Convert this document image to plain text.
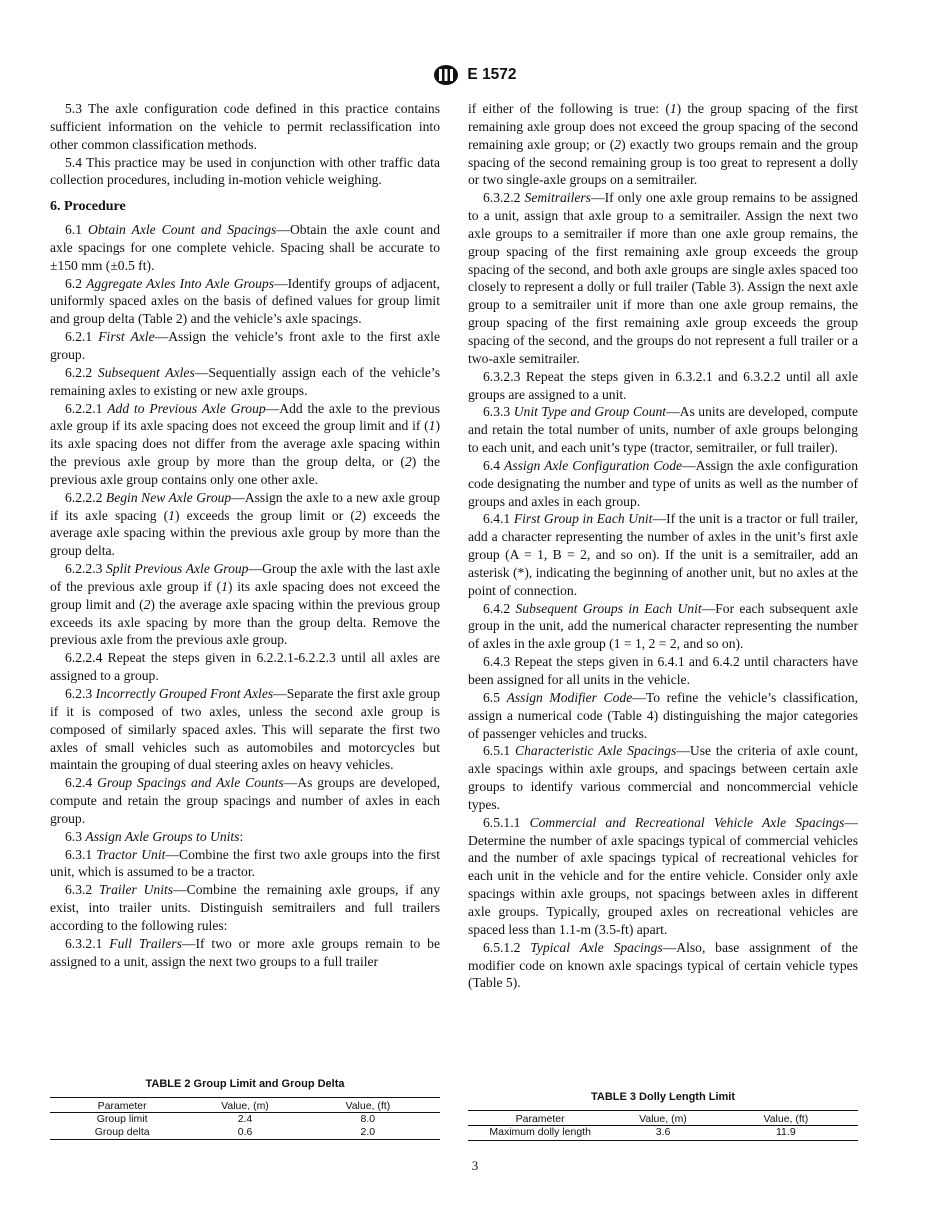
E 1572

5.3 The axle configuration code defined in this practice contains sufficient information on the vehicle to permit reclassification into other common classification methods.

5.4 This practice may be used in conjunction with other traffic data collection procedures, including in-motion vehicle weighing.

6. Procedure

6.1 Obtain Axle Count and Spacings—Obtain the axle count and axle spacings for one complete vehicle. Spacing shall be accurate to ±150 mm (±0.5 ft).

6.2 Aggregate Axles Into Axle Groups—Identify groups of adjacent, uniformly spaced axles on the basis of defined values for group limit and group delta (Table 2) and the vehicle’s axle spacings.

6.2.1 First Axle—Assign the vehicle’s front axle to the first axle group.

6.2.2 Subsequent Axles—Sequentially assign each of the vehicle’s remaining axles to existing or new axle groups.

6.2.2.1 Add to Previous Axle Group—Add the axle to the previous axle group if its axle spacing does not exceed the group limit and if (1) its axle spacing does not differ from the average axle spacing within the previous axle group by more than the group delta, or (2) the previous axle group contains only one other axle.

6.2.2.2 Begin New Axle Group—Assign the axle to a new axle group if its axle spacing (1) exceeds the group limit or (2) exceeds the average axle spacing within the previous axle group by more than the group delta.

6.2.2.3 Split Previous Axle Group—Group the axle with the last axle of the previous axle group if (1) its axle spacing does not exceed the group limit and (2) the average axle spacing within the previous group exceeds its axle spacing by more than the group delta. Remove the previous axle from the previous axle group.

6.2.2.4 Repeat the steps given in 6.2.2.1-6.2.2.3 until all axles are assigned to a group.

6.2.3 Incorrectly Grouped Front Axles—Separate the first axle group if it is composed of two axles, unless the second axle group is composed of similarly spaced axles. This will separate the first two axles of small vehicles such as automobiles and motorcycles but maintain the grouping of dual steering axles on heavy vehicles.

6.2.4 Group Spacings and Axle Counts—As groups are developed, compute and retain the group spacings and number of axles in each group.

6.3 Assign Axle Groups to Units:

6.3.1 Tractor Unit—Combine the first two axle groups into the first unit, which is assumed to be a tractor.

6.3.2 Trailer Units—Combine the remaining axle groups, if any exist, into trailer units. Distinguish semitrailers and full trailers according to the following rules:

6.3.2.1 Full Trailers—If two or more axle groups remain to be assigned to a unit, assign the next two groups to a full trailer

if either of the following is true: (1) the group spacing of the first remaining axle group does not exceed the group spacing of the second remaining axle group; or (2) exactly two groups remain and the group spacing of the second remaining group is too great to represent a dolly or two single-axle groups on a semitrailer.

6.3.2.2 Semitrailers—If only one axle group remains to be assigned to a unit, assign that axle group to a semitrailer. Assign the next two axle groups to a semitrailer if more than one axle group remains, the group spacing of the first remaining axle group exceeds the group spacing of the second, and both axle groups are single axles spaced too closely to represent a dolly or full trailer (Table 3). Assign the next axle group to a semitrailer unit if more than one axle group remains, the group spacing of the first remaining axle group exceeds the group spacing of the second, and the groups do not represent a full trailer or a two-axle semitrailer.

6.3.2.3 Repeat the steps given in 6.3.2.1 and 6.3.2.2 until all axle groups are assigned to a unit.

6.3.3 Unit Type and Group Count—As units are developed, compute and retain the total number of units, number of axle groups belonging to each unit, and each unit’s type (tractor, semitrailer, or full trailer).

6.4 Assign Axle Configuration Code—Assign the axle configuration code designating the number and type of units as well as the number of groups and axles in each group.

6.4.1 First Group in Each Unit—If the unit is a tractor or full trailer, add a character representing the number of axles in the unit’s first axle group (A = 1, B = 2, and so on). If the unit is a semitrailer, add an asterisk (*), indicating the beginning of another unit, but no axles at the point of connection.

6.4.2 Subsequent Groups in Each Unit—For each subsequent axle group in the unit, add the numerical character representing the number of axles in the axle group (1 = 1, 2 = 2, and so on).

6.4.3 Repeat the steps given in 6.4.1 and 6.4.2 until characters have been assigned for all units in the vehicle.

6.5 Assign Modifier Code—To refine the vehicle’s classification, assign a numerical code (Table 4) distinguishing the major categories of passenger vehicles and trucks.

6.5.1 Characteristic Axle Spacings—Use the criteria of axle count, axle spacings within axle groups, and spacings between certain axle groups to identify various commercial and noncommercial vehicle types.

6.5.1.1 Commercial and Recreational Vehicle Axle Spacings—Determine the number of axle spacings typical of commercial vehicles and the number of axle spacings typical of recreational vehicles for each unit in the vehicle and for the entire vehicle. Consider only axle spacings within axle groups, not spacings between axles in different axle groups. Typically, grouped axles on recreational vehicles are spaced less than 1.1-m (3.5-ft) apart.

6.5.1.2 Typical Axle Spacings—Also, base assignment of the modifier code on known axle spacings typical of certain vehicle types (Table 5).

TABLE 2 Group Limit and Group Delta
Parameter	Value, (m)	Value, (ft)
Group limit	2.4	8.0
Group delta	0.6	2.0
TABLE 3 Dolly Length Limit
Parameter	Value, (m)	Value, (ft)
Maximum dolly length	3.6	11.9
3
